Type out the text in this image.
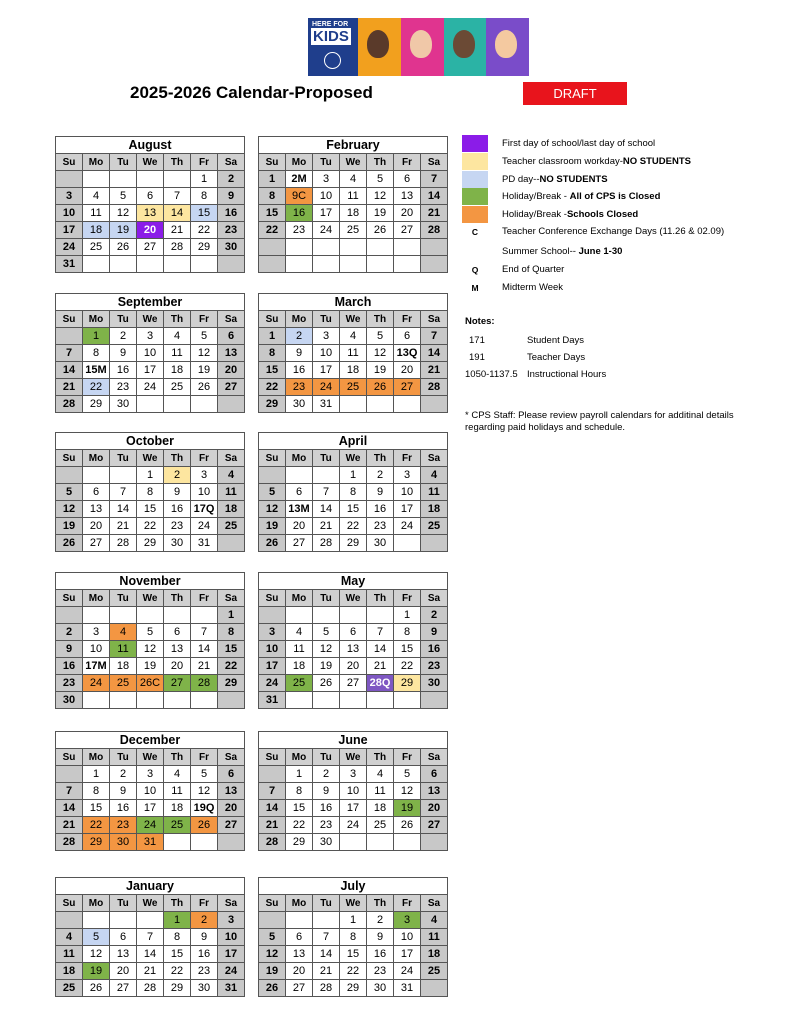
HERE FOR
KIDS
2025-2026 Calendar-Proposed	DRAFT
August						
Su	Mo	Tu	We	Th	Fr	Sa
					1	2
3	4	5	6	7	8	9
10	11	12	13	14	15	16
17	18	19	20	21	22	23
24	25	26	27	28	29	30
31						
February						
Su	Mo	Tu	We	Th	Fr	Sa
1	2M	3	4	5	6	7
8	9C	10	11	12	13	14
15	16	17	18	19	20	21
22	23	24	25	26	27	28

September						
Su	Mo	Tu	We	Th	Fr	Sa
	1	2	3	4	5	6
7	8	9	10	11	12	13
14	15M	16	17	18	19	20
21	22	23	24	25	26	27
28	29	30				
March						
Su	Mo	Tu	We	Th	Fr	Sa
1	2	3	4	5	6	7
8	9	10	11	12	13Q	14
15	16	17	18	19	20	21
22	23	24	25	26	27	28
29	30	31				
October						
Su	Mo	Tu	We	Th	Fr	Sa
			1	2	3	4
5	6	7	8	9	10	11
12	13	14	15	16	17Q	18
19	20	21	22	23	24	25
26	27	28	29	30	31	
April						
Su	Mo	Tu	We	Th	Fr	Sa
			1	2	3	4
5	6	7	8	9	10	11
12	13M	14	15	16	17	18
19	20	21	22	23	24	25
26	27	28	29	30		
November						
Su	Mo	Tu	We	Th	Fr	Sa
						1
2	3	4	5	6	7	8
9	10	11	12	13	14	15
16	17M	18	19	20	21	22
23	24	25	26C	27	28	29
30						
May						
Su	Mo	Tu	We	Th	Fr	Sa
					1	2
3	4	5	6	7	8	9
10	11	12	13	14	15	16
17	18	19	20	21	22	23
24	25	26	27	28Q	29	30
31						
December						
Su	Mo	Tu	We	Th	Fr	Sa
	1	2	3	4	5	6
7	8	9	10	11	12	13
14	15	16	17	18	19Q	20
21	22	23	24	25	26	27
28	29	30	31			
June						
Su	Mo	Tu	We	Th	Fr	Sa
	1	2	3	4	5	6
7	8	9	10	11	12	13
14	15	16	17	18	19	20
21	22	23	24	25	26	27
28	29	30				
January						
Su	Mo	Tu	We	Th	Fr	Sa
				1	2	3
4	5	6	7	8	9	10
11	12	13	14	15	16	17
18	19	20	21	22	23	24
25	26	27	28	29	30	31
July						
Su	Mo	Tu	We	Th	Fr	Sa
			1	2	3	4
5	6	7	8	9	10	11
12	13	14	15	16	17	18
19	20	21	22	23	24	25
26	27	28	29	30	31	
First day of school/last day of school
Teacher classroom workday-NO STUDENTS
PD day--NO STUDENTS
Holiday/Break - All of CPS is Closed
Holiday/Break -Schools Closed
C	Teacher Conference Exchange Days (11.26 & 02.09)
Summer School-- June 1-30
Q	End of Quarter
M	Midterm Week
Notes:
171	Student Days
191	Teacher Days
1050-1137.5 Instructional Hours
* CPS Staff: Please review payroll calendars for additinal details regarding paid holidays and schedule.
